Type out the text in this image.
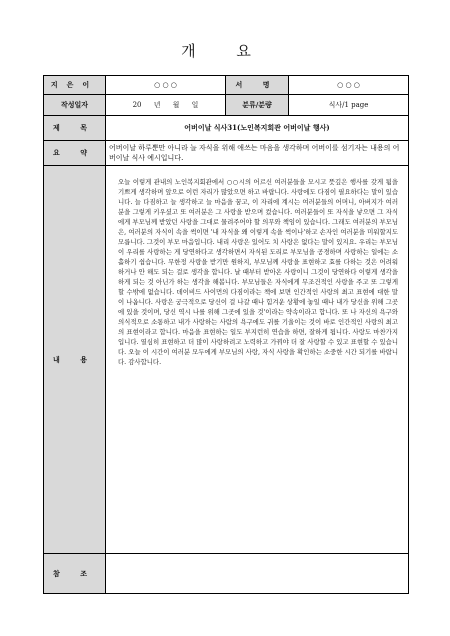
개 요
지은이	○ ○ ○	서 명	○ ○ ○
작성일자	20 년 월 일	분류/분량	식사/1 page
제 목	어버이날 식사31(노인복지회관 어버이날 행사)		
요 약	어버이날 하루뿐만 아니라 늘 자식을 위해 애쓰는 마음을 생각하며 어버이를 섬기자는 내용의 어버이날 식사 예시입니다.		
내 용	오늘 이렇게 관내의 노인복지회관에서 ○○시의 어르신 여러분들을 모시고 뜻깊은 행사를 갖게 됨을 기쁘게 생각하며 앞으로 이런 자리가 많았으면 하고 바랍니다. 사랑에도 다짐이 필요하다는 말이 있습니다. 늘 다짐하고 늘 생각하고 늘 마음을 꿈고, 이 자리에 계시는 여러분들의 어머니, 아버지가 여러분을 그렇게 키우셨고 또 여러분은 그 사랑을 받으며 컸습니다. 여러분들이 또 자식을 낳으면 그 자식에게 부모님께 받았던 사랑을 그대로 물려주어야 할 의무와 책임이 있습니다. 그래도 여러분의 부모님은, 여러분의 자식이 속을 썩이면 '내 자식을 왜 이렇게 속을 썩이나'하고 손자인 여러분을 미워할지도 모릅니다. 그것이 부모 마음입니다. 내리 사랑은 있어도 치 사랑은 없다는 말이 있지요. 우리는 부모님이 우리를 사랑하는 게 당연하다고 생각하면서 자식된 도리로 부모님을 공경하며 사랑하는 일에는 소홀하기 쉽습니다. 무한정 사랑을 받기만 원하지, 부모님께 사랑을 표현하고 효를 다하는 것은 어려워하거나 안 해도 되는 걸로 생각을 합니다. 날 때부터 받아온 사랑이니 그것이 당연하다 이렇게 생각을 하게 되는 것 아닌가 하는 생각을 해봅니다. 부모님들은 자식에게 무조건적인 사랑을 주고 또 그렇게 할 수밖에 없습니다. 데이비드 사이먼의 다짐이라는 책에 보면 인간적인 사랑의 최고 표현에 대한 말이 나옵니다. 사랑은 궁극적으로 당신이 걸 나갈 때나 힘겨운 상황에 놓일 때나 내가 당신을 위해 그곳에 있을 것이며, 당신 역시 나를 위해 그곳에 있을 것'이라는 약속이라고 합니다. 또 나 자신의 욕구와 의식적으로 소통하고 내가 사랑하는 사람의 욕구에도 귀를 기울이는 것이 바로 인간적인 사랑의 최고의 표현이라고 합니다. 마음을 표현하는 일도 부지런히 연습을 하면, 잘하게 됩니다. 사랑도 마찬가지입니다. 열심히 표현하고 더 많이 사랑하려고 노력하고 가꿔야 더 잘 사랑할 수 있고 표현할 수 있습니다. 오늘 이 시간이 여러분 모두에게 부모님의 사랑, 자식 사랑을 확인하는 소중한 시간 되기를 바랍니다. 감사합니다.		

참 조			
